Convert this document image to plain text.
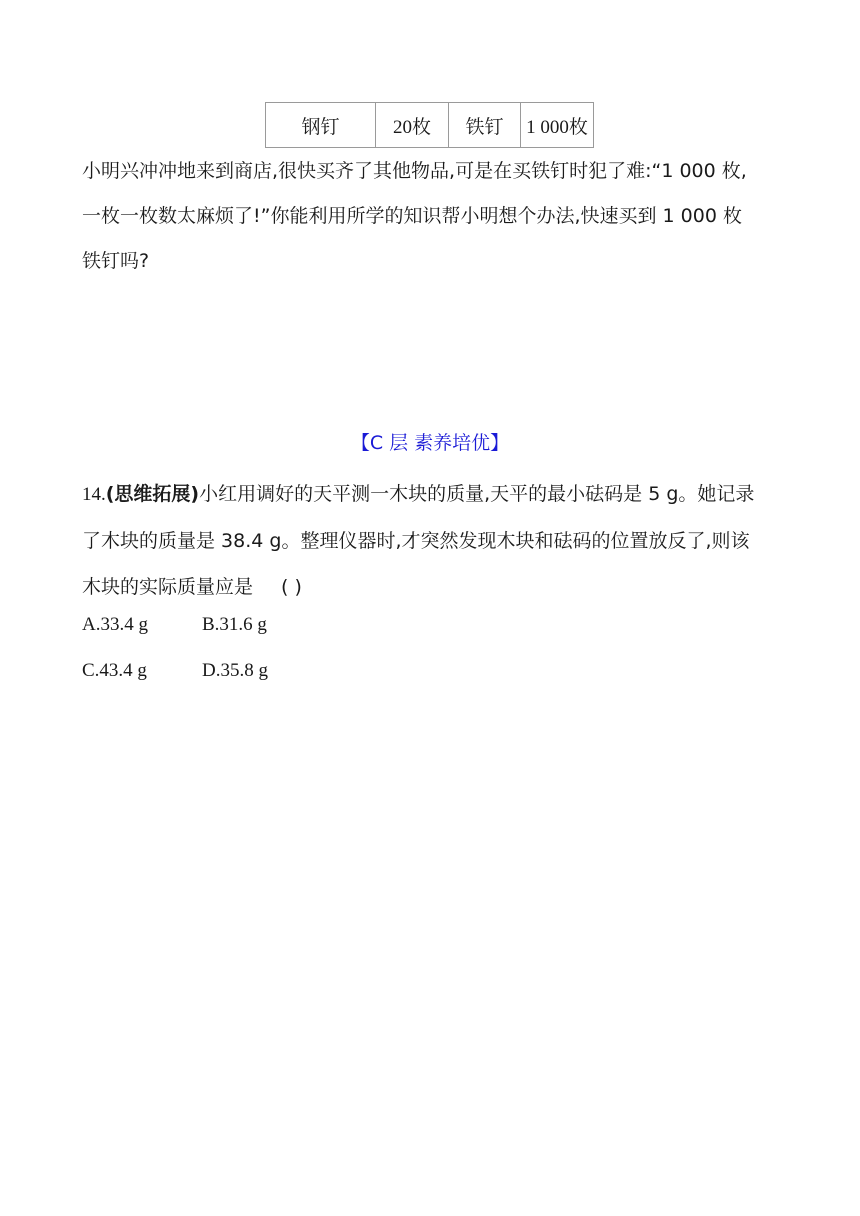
钢钉	20枚	铁钉	1 000枚
小明兴冲冲地来到商店,很快买齐了其他物品,可是在买铁钉时犯了难:“1 000 枚,
一枚一枚数太麻烦了!”你能利用所学的知识帮小明想个办法,快速买到 1 000 枚
铁钉吗?
【C 层 素养培优】
14.(思维拓展)小红用调好的天平测一木块的质量,天平的最小砝码是 5 g。她记录
了木块的质量是 38.4 g。整理仪器时,才突然发现木块和砝码的位置放反了,则该
木块的实际质量应是 ( )
A.33.4 g	B.31.6 g
C.43.4 g	D.35.8 g
